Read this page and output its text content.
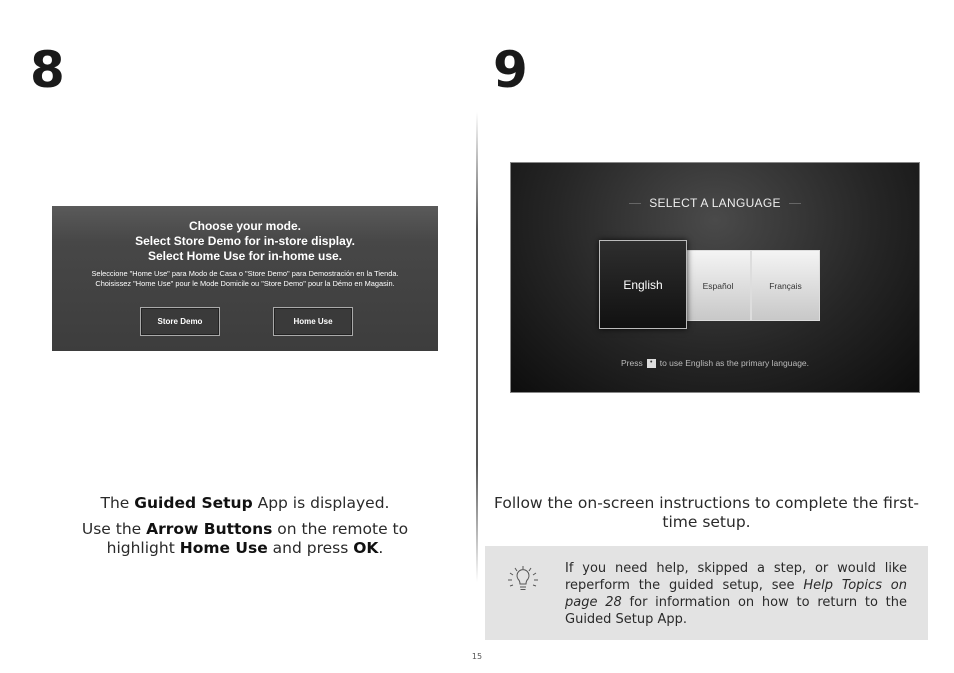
8	9
Choose your mode.
Select Store Demo for in-store display.
Select Home Use for in-home use.
Seleccione "Home Use" para Modo de Casa o "Store Demo" para Demostración en la Tienda.
Choisissez "Home Use" pour le Mode Domicile ou "Store Demo" pour la Démo en Magasin.
Store Demo	Home Use
SELECT A LANGUAGE
Español	Français
English
Press • to use English as the primary language.
The Guided Setup App is displayed.
Use the Arrow Buttons on the remote to highlight Home Use and press OK.
Follow the on-screen instructions to complete the first-time setup.
If you need help, skipped a step, or would like reperform the guided setup, see Help Topics on page 28 for information on how to return to the Guided Setup App.
15
